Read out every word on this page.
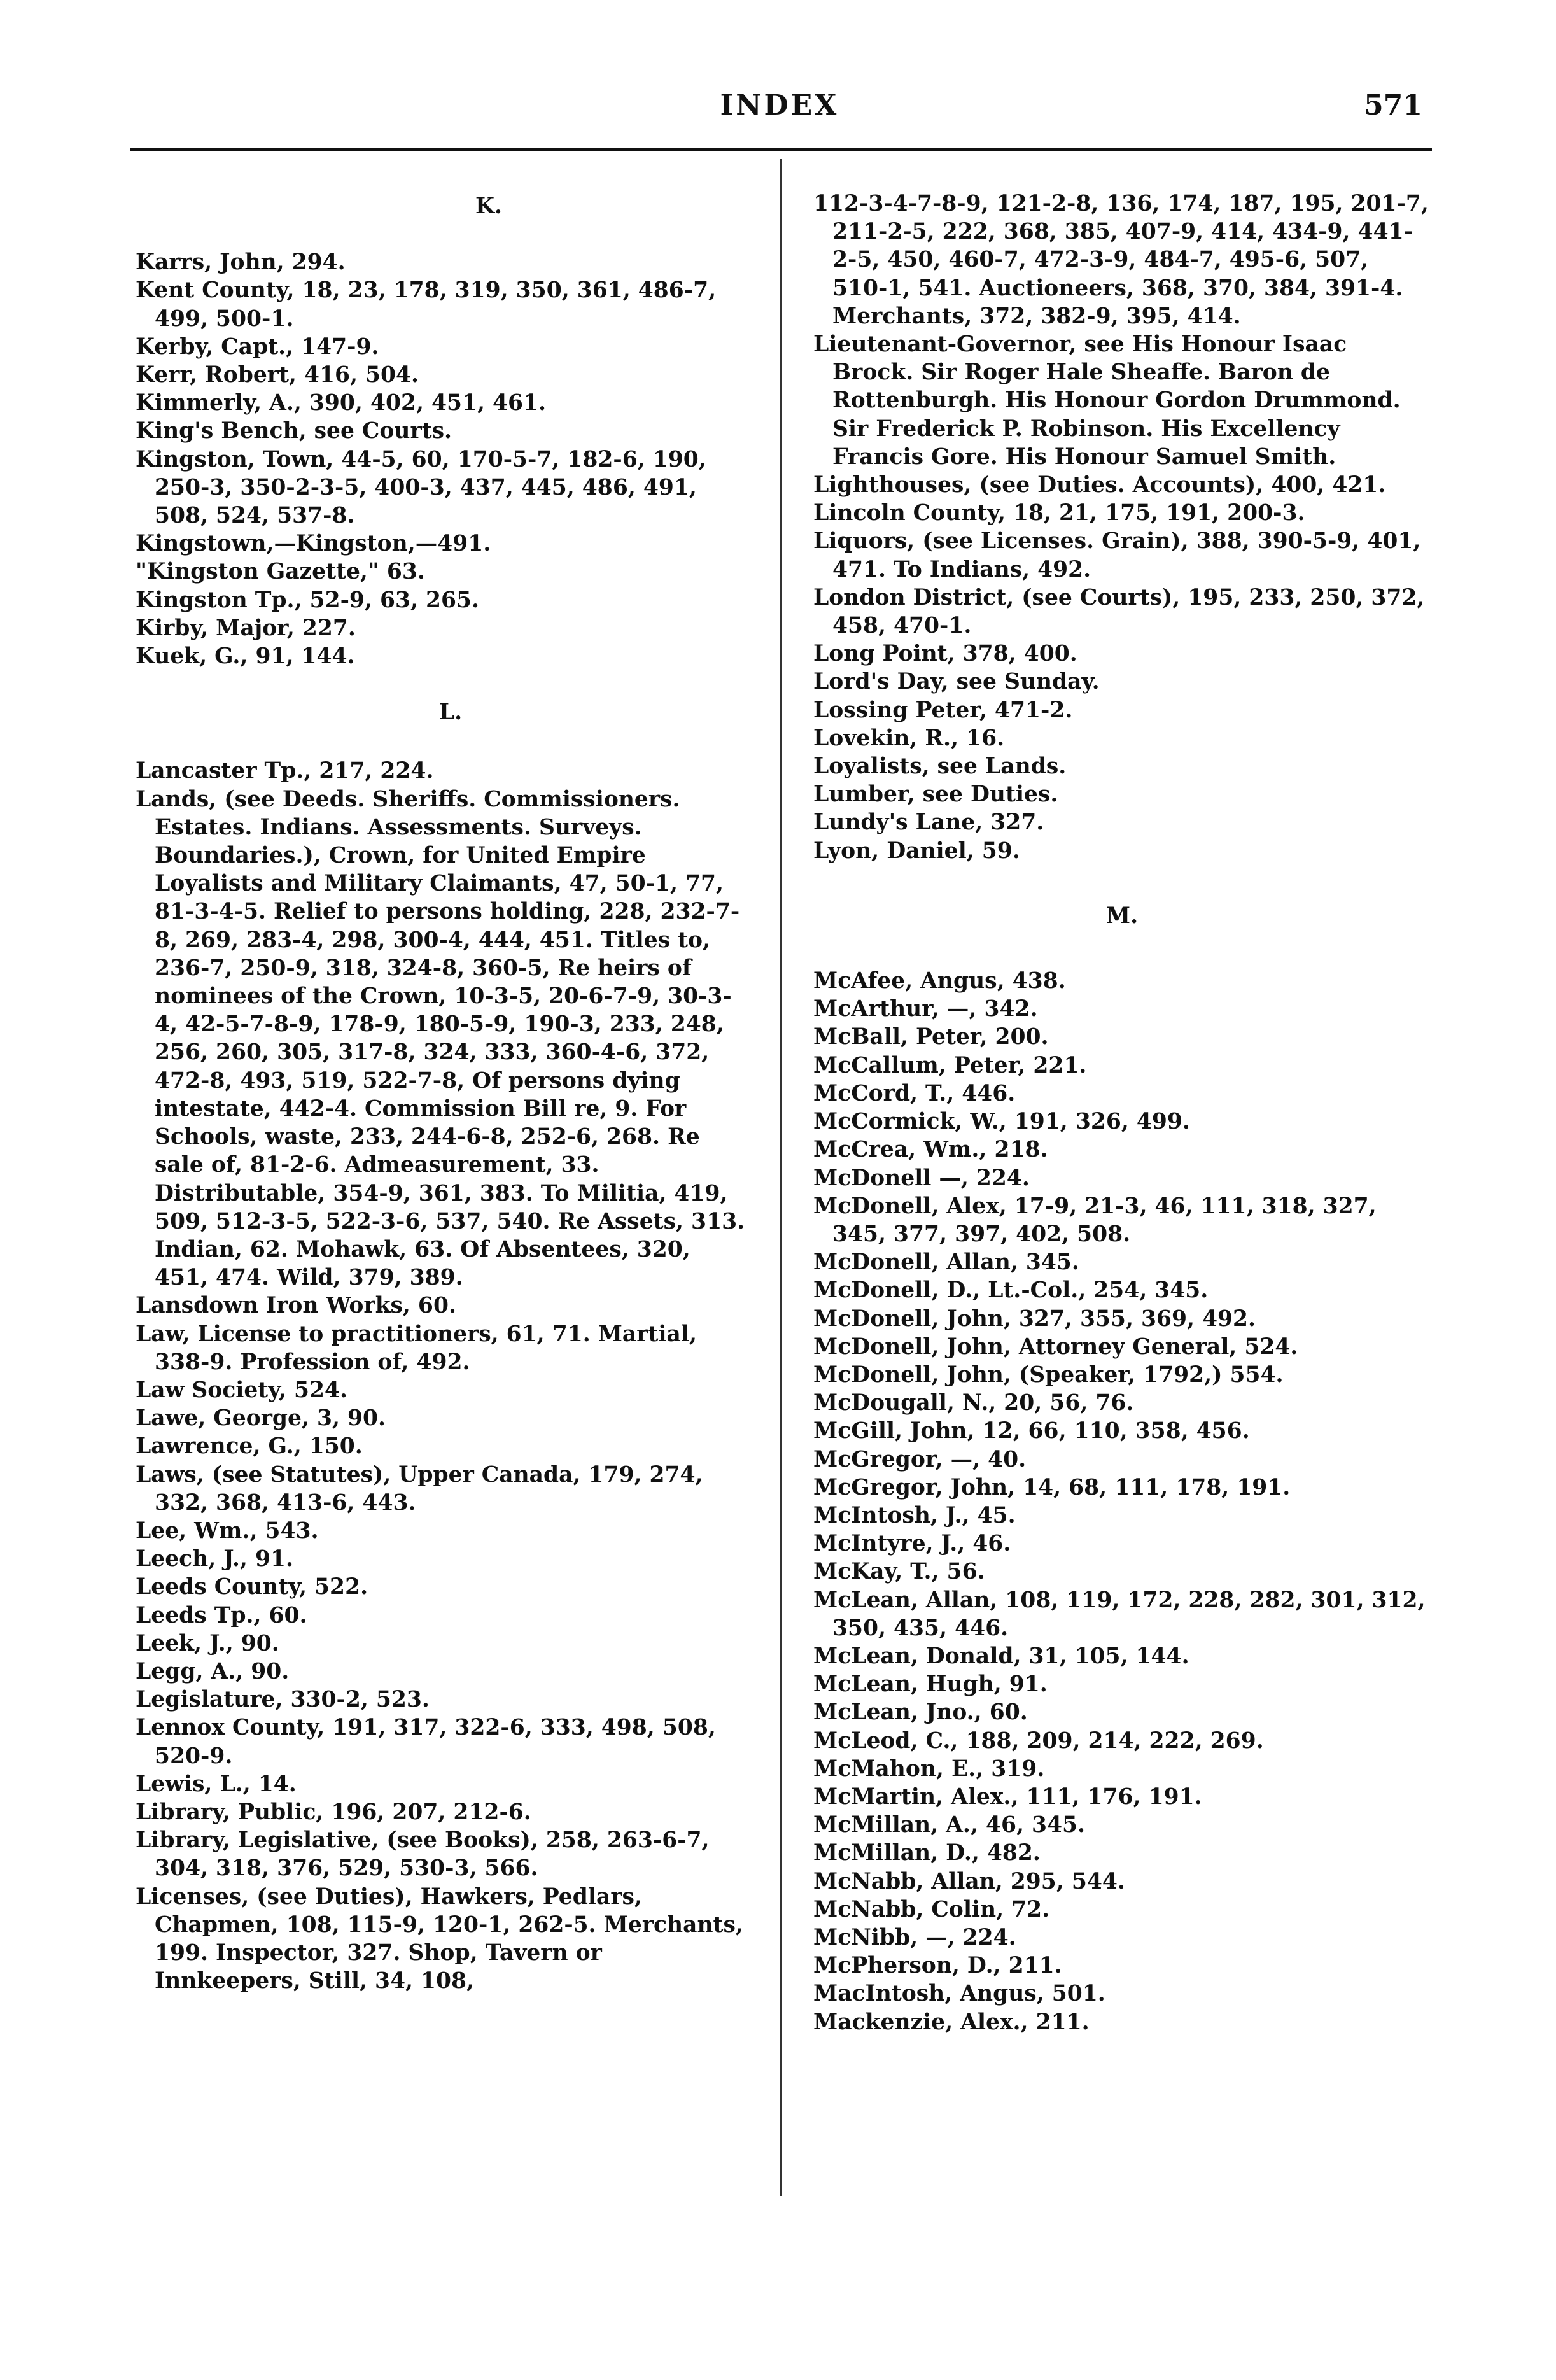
INDEX	571

K.

Karrs, John, 294.

Kent County, 18, 23, 178, 319, 350, 361, 486-7, 499, 500-1.

Kerby, Capt., 147-9.

Kerr, Robert, 416, 504.

Kimmerly, A., 390, 402, 451, 461.

King's Bench, see Courts.

Kingston, Town, 44-5, 60, 170-5-7, 182-6, 190, 250-3, 350-2-3-5, 400-3, 437, 445, 486, 491, 508, 524, 537-8.

Kingstown,—Kingston,—491.

"Kingston Gazette," 63.

Kingston Tp., 52-9, 63, 265.

Kirby, Major, 227.

Kuek, G., 91, 144.

L.

Lancaster Tp., 217, 224.

Lands, (see Deeds. Sheriffs. Commissioners. Estates. Indians. Assessments. Surveys. Boundaries.), Crown, for United Empire Loyalists and Military Claimants, 47, 50-1, 77, 81-3-4-5. Relief to persons holding, 228, 232-7-8, 269, 283-4, 298, 300-4, 444, 451. Titles to, 236-7, 250-9, 318, 324-8, 360-5, Re heirs of nominees of the Crown, 10-3-5, 20-6-7-9, 30-3-4, 42-5-7-8-9, 178-9, 180-5-9, 190-3, 233, 248, 256, 260, 305, 317-8, 324, 333, 360-4-6, 372, 472-8, 493, 519, 522-7-8, Of persons dying intestate, 442-4. Commission Bill re, 9. For Schools, waste, 233, 244-6-8, 252-6, 268. Re sale of, 81-2-6. Admeasurement, 33. Distributable, 354-9, 361, 383. To Militia, 419, 509, 512-3-5, 522-3-6, 537, 540. Re Assets, 313. Indian, 62. Mohawk, 63. Of Absentees, 320, 451, 474. Wild, 379, 389.

Lansdown Iron Works, 60.

Law, License to practitioners, 61, 71. Martial, 338-9. Profession of, 492.

Law Society, 524.

Lawe, George, 3, 90.

Lawrence, G., 150.

Laws, (see Statutes), Upper Canada, 179, 274, 332, 368, 413-6, 443.

Lee, Wm., 543.

Leech, J., 91.

Leeds County, 522.

Leeds Tp., 60.

Leek, J., 90.

Legg, A., 90.

Legislature, 330-2, 523.

Lennox County, 191, 317, 322-6, 333, 498, 508, 520-9.

Lewis, L., 14.

Library, Public, 196, 207, 212-6.

Library, Legislative, (see Books), 258, 263-6-7, 304, 318, 376, 529, 530-3, 566.

Licenses, (see Duties), Hawkers, Pedlars, Chapmen, 108, 115-9, 120-1, 262-5. Merchants, 199. Inspector, 327. Shop, Tavern or Innkeepers, Still, 34, 108,

112-3-4-7-8-9, 121-2-8, 136, 174, 187, 195, 201-7, 211-2-5, 222, 368, 385, 407-9, 414, 434-9, 441-2-5, 450, 460-7, 472-3-9, 484-7, 495-6, 507, 510-1, 541. Auctioneers, 368, 370, 384, 391-4. Merchants, 372, 382-9, 395, 414.

Lieutenant-Governor, see His Honour Isaac Brock. Sir Roger Hale Sheaffe. Baron de Rottenburgh. His Honour Gordon Drummond. Sir Frederick P. Robinson. His Excellency Francis Gore. His Honour Samuel Smith.

Lighthouses, (see Duties. Accounts), 400, 421.

Lincoln County, 18, 21, 175, 191, 200-3.

Liquors, (see Licenses. Grain), 388, 390-5-9, 401, 471. To Indians, 492.

London District, (see Courts), 195, 233, 250, 372, 458, 470-1.

Long Point, 378, 400.

Lord's Day, see Sunday.

Lossing Peter, 471-2.

Lovekin, R., 16.

Loyalists, see Lands.

Lumber, see Duties.

Lundy's Lane, 327.

Lyon, Daniel, 59.

M.

McAfee, Angus, 438.

McArthur, —, 342.

McBall, Peter, 200.

McCallum, Peter, 221.

McCord, T., 446.

McCormick, W., 191, 326, 499.

McCrea, Wm., 218.

McDonell —, 224.

McDonell, Alex, 17-9, 21-3, 46, 111, 318, 327, 345, 377, 397, 402, 508.

McDonell, Allan, 345.

McDonell, D., Lt.-Col., 254, 345.

McDonell, John, 327, 355, 369, 492.

McDonell, John, Attorney General, 524.

McDonell, John, (Speaker, 1792,) 554.

McDougall, N., 20, 56, 76.

McGill, John, 12, 66, 110, 358, 456.

McGregor, —, 40.

McGregor, John, 14, 68, 111, 178, 191.

McIntosh, J., 45.

McIntyre, J., 46.

McKay, T., 56.

McLean, Allan, 108, 119, 172, 228, 282, 301, 312, 350, 435, 446.

McLean, Donald, 31, 105, 144.

McLean, Hugh, 91.

McLean, Jno., 60.

McLeod, C., 188, 209, 214, 222, 269.

McMahon, E., 319.

McMartin, Alex., 111, 176, 191.

McMillan, A., 46, 345.

McMillan, D., 482.

McNabb, Allan, 295, 544.

McNabb, Colin, 72.

McNibb, —, 224.

McPherson, D., 211.

MacIntosh, Angus, 501.

Mackenzie, Alex., 211.
